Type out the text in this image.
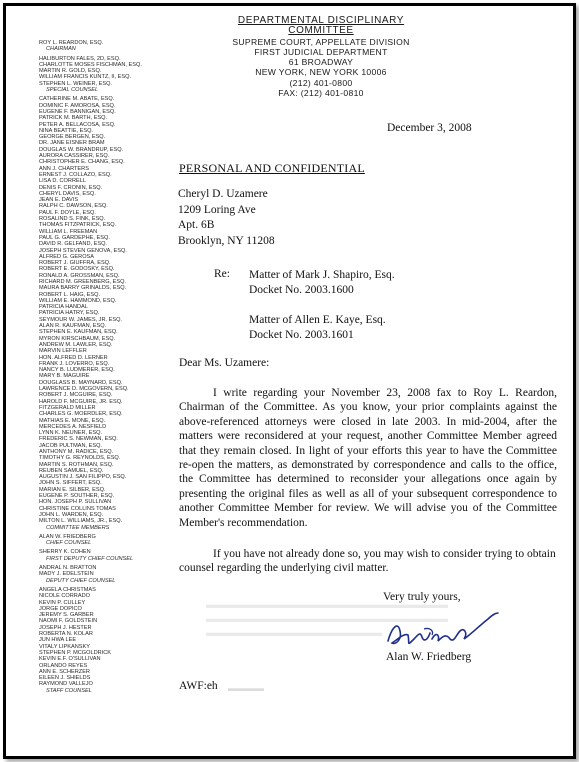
DEPARTMENTAL DISCIPLINARY COMMITTEE
SUPREME COURT, APPELLATE DIVISION
FIRST JUDICIAL DEPARTMENT
61 BROADWAY
NEW YORK, NEW YORK 10006
(212) 401-0800
FAX: (212) 401-0810
ROY L. REARDON, ESQ.
CHAIRMAN
HALIBURTON FALES, 2D, ESQ.
CHARLOTTE MOSES FISCHMAN, ESQ.
MARTIN R. GOLD, ESQ.
WILLIAM FRANCIS KUNTZ, II, ESQ.
STEPHEN L. WEINER, ESQ.
SPECIAL COUNSEL
CATHERINE M. ABATE, ESQ.
DOMINIC F. AMOROSA, ESQ.
EUGENE F. BANNIGAN, ESQ.
PATRICK M. BARTH, ESQ.
PETER A. BELLACOSA, ESQ.
NINA BEATTIE, ESQ.
GEORGE BERGEN, ESQ.
DR. JANE EISNER BRAM
DOUGLAS W. BRANDRUP, ESQ.
AURORA CASSIRER, ESQ.
CHRISTOPHER E. CHANG, ESQ.
ANN J. CHARTERS
ERNEST J. COLLAZO, ESQ.
LISA D. CORRELL
DENIS F. CRONIN, ESQ.
CHERYL DAVIS, ESQ.
JEAN E. DAVIS
RALPH C. DAWSON, ESQ.
PAUL F. DOYLE, ESQ.
ROSALIND S. FINK, ESQ.
THOMAS FITZPATRICK, ESQ.
WILLIAM L. FREEMAN
PAUL G. GARDEPHE, ESQ.
DAVID R. GELFAND, ESQ.
JOSEPH STEVEN GENOVA, ESQ.
ALFRED G. GEROSA
ROBERT J. GIUFFRA, ESQ.
ROBERT E. GODOSKY, ESQ.
RONALD A. GROSSMAN, ESQ.
RICHARD M. GREENBERG, ESQ.
MAURA BARRY GRINALDS, ESQ.
ROBERT L. HAIG, ESQ.
WILLIAM E. HAMMOND, ESQ.
PATRICIA HANDAL
PATRICIA HATRY, ESQ.
SEYMOUR W. JAMES, JR. ESQ.
ALAN R. KAUFMAN, ESQ.
STEPHEN E. KAUFMAN, ESQ.
MYRON KIRSCHBAUM, ESQ.
ANDREW M. LAWLER, ESQ.
MARVIN LEFFLER
HON. ALFRED D. LERNER
FRANK J. LOVERRO, ESQ.
NANCY B. LUDMERER, ESQ.
MARY B. MAGUIRE
DOUGLASS B. MAYNARD, ESQ.
LAWRENCE D. MCGOVERN, ESQ.
ROBERT J. MCGUIRE, ESQ.
HAROLD F. MCGUIRE, JR. ESQ.
FITZGERALD MILLER
CHARLES G. MOERDLER, ESQ.
MATHIAS E. MONE, ESQ.
MERCEDES A. NESFIELD
LYNN K. NEUNER, ESQ.
FREDERIC S. NEWMAN, ESQ.
JACOB PULTMAN, ESQ.
ANTHONY M. RADICE, ESQ.
TIMOTHY G. REYNOLDS, ESQ.
MARTIN S. ROTHMAN, ESQ.
REUBEN SAMUEL, ESQ.
AUGUSTIN J. SAN FILIPPO, ESQ.
JOHN S. SIFFERT, ESQ.
MARIAN E. SILBER, ESQ.
EUGENE P. SOUTHER, ESQ.
HON. JOSEPH P. SULLIVAN
CHRISTINE COLLINS TOMAS
JOHN L. WARDEN, ESQ.
MILTON L. WILLIAMS, JR., ESQ.
COMMITTEE MEMBERS
ALAN W. FRIEDBERG
CHIEF COUNSEL
SHERRY K. COHEN
FIRST DEPUTY CHIEF COUNSEL
ANDRAL N. BRATTON
MADY J. EDELSTEIN
DEPUTY CHIEF COUNSEL
ANGELA CHRISTMAS
NICOLE CORRADO
KEVIN P. CULLEY
JORGE DOPICO
JEREMY S. GARBER
NAOMI F. GOLDSTEIN
JOSEPH J. HESTER
ROBERTA N. KOLAR
JUN HWA LEE
VITALY LIPKANSKY
STEPHEN P. MCGOLDRICK
KEVIN E.F. O'SULLIVAN
ORLANDO REYES
ANN E. SCHERZER
EILEEN J. SHIELDS
RAYMOND VALLEJO
STAFF COUNSEL
December 3, 2008
PERSONAL AND CONFIDENTIAL
Cheryl D. Uzamere
1209 Loring Ave
Apt. 6B
Brooklyn, NY 11208
Re: Matter of Mark J. Shapiro, Esq.
Docket No. 2003.1600
Matter of Allen E. Kaye, Esq.
Docket No. 2003.1601
Dear Ms. Uzamere:
I write regarding your November 23, 2008 fax to Roy L. Reardon, Chairman of the Committee. As you know, your prior complaints against the above-referenced attorneys were closed in late 2003. In mid-2004, after the matters were reconsidered at your request, another Committee Member agreed that they remain closed. In light of your efforts this year to have the Committee re-open the matters, as demonstrated by correspondence and calls to the office, the Committee has determined to reconsider your allegations once again by presenting the original files as well as all of your subsequent correspondence to another Committee Member for review. We will advise you of the Committee Member's recommendation.
If you have not already done so, you may wish to consider trying to obtain counsel regarding the underlying civil matter.
▬▬▬▬▬▬▬▬▬▬▬▬▬▬▬▬▬▬▬▬▬▬
▬▬▬▬▬▬▬▬▬▬▬▬▬▬▬▬▬▬▬▬▬▬
▬▬▬▬▬▬▬▬▬▬▬▬▬▬▬▬
Very truly yours,
Alan W. Friedberg
AWF:eh ▬▬▬▬
